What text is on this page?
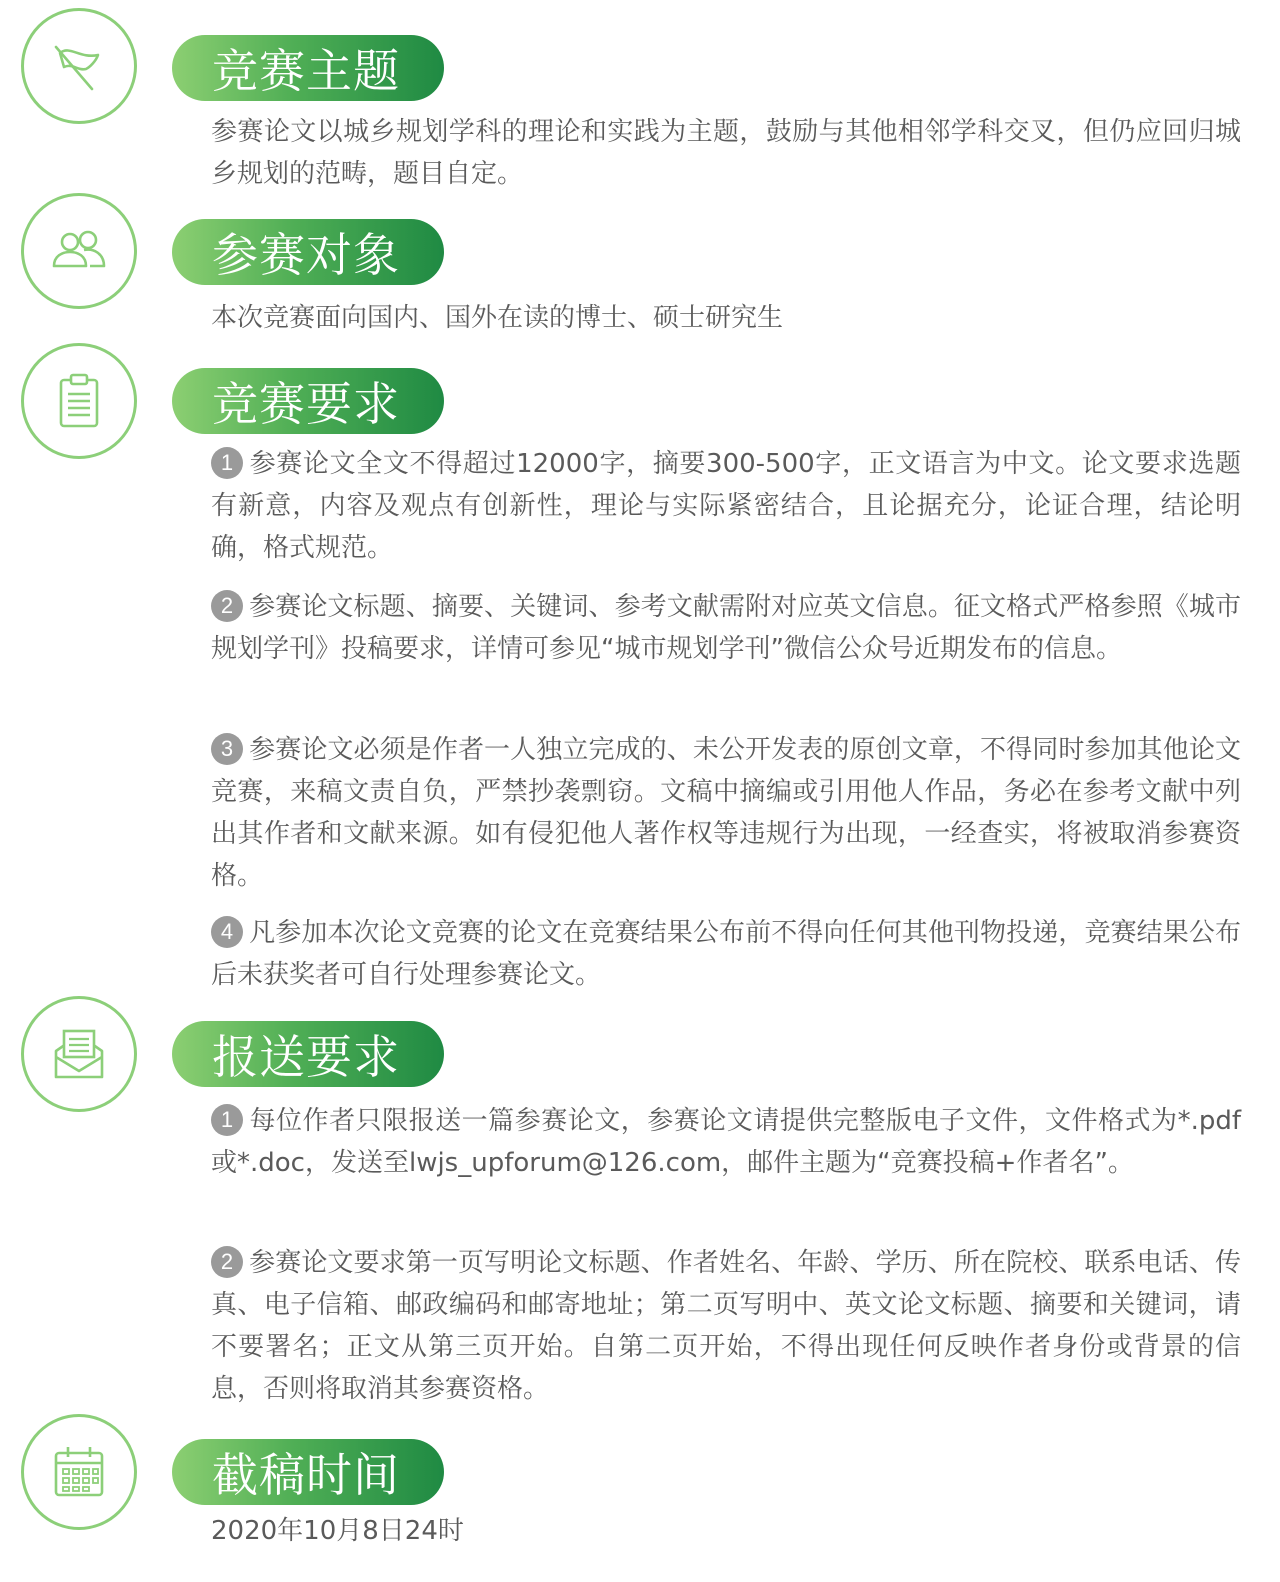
竞赛主题

参赛论文以城乡规划学科的理论和实践为主题，鼓励与其他相邻学科交叉，但仍应回归城乡规划的范畴，题目自定。

参赛对象

本次竞赛面向国内、国外在读的博士、硕士研究生

竞赛要求

1 参赛论文全文不得超过12000字，摘要300-500字，正文语言为中文。论文要求选题有新意，内容及观点有创新性，理论与实际紧密结合，且论据充分，论证合理，结论明确，格式规范。

2 参赛论文标题、摘要、关键词、参考文献需附对应英文信息。征文格式严格参照《城市规划学刊》投稿要求，详情可参见“城市规划学刊”微信公众号近期发布的信息。

3 参赛论文必须是作者一人独立完成的、未公开发表的原创文章，不得同时参加其他论文竞赛，来稿文责自负，严禁抄袭剽窃。文稿中摘编或引用他人作品，务必在参考文献中列出其作者和文献来源。如有侵犯他人著作权等违规行为出现，一经查实，将被取消参赛资格。

4 凡参加本次论文竞赛的论文在竞赛结果公布前不得向任何其他刊物投递，竞赛结果公布后未获奖者可自行处理参赛论文。

报送要求

1 每位作者只限报送一篇参赛论文，参赛论文请提供完整版电子文件，文件格式为*.pdf或*.doc，发送至lwjs_upforum@126.com，邮件主题为“竞赛投稿+作者名”。

2 参赛论文要求第一页写明论文标题、作者姓名、年龄、学历、所在院校、联系电话、传真、电子信箱、邮政编码和邮寄地址；第二页写明中、英文论文标题、摘要和关键词，请不要署名；正文从第三页开始。自第二页开始，不得出现任何反映作者身份或背景的信息，否则将取消其参赛资格。

截稿时间

2020年10月8日24时
